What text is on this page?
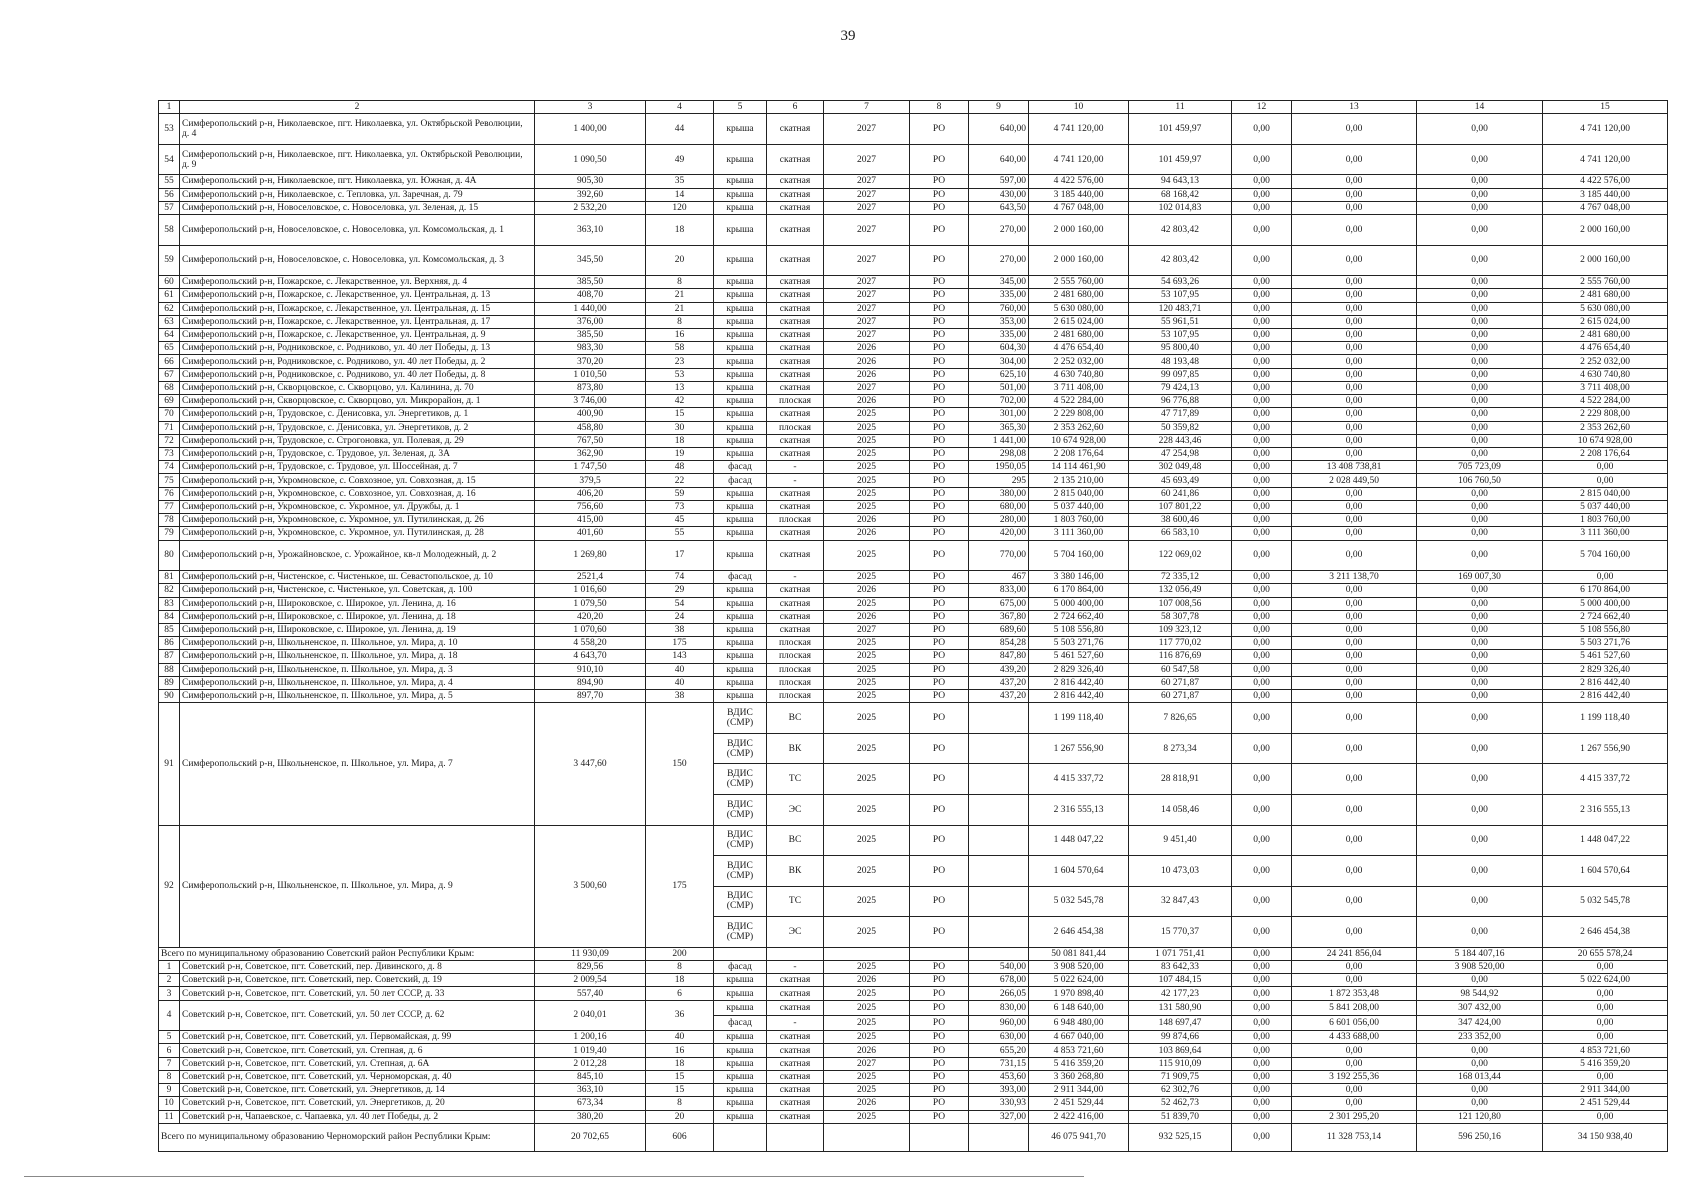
39
1	2	3	4	5	6	7	8	9	10	11	12	13	14	15
53	Симферопольский р-н, Николаевское, пгт. Николаевка, ул. Октябрьской Революции, д. 4	1 400,00	44	крыша	скатная	2027	РО	640,00	4 741 120,00	101 459,97	0,00	0,00	0,00	4 741 120,00
54	Симферопольский р-н, Николаевское, пгт. Николаевка, ул. Октябрьской Революции, д. 9	1 090,50	49	крыша	скатная	2027	РО	640,00	4 741 120,00	101 459,97	0,00	0,00	0,00	4 741 120,00
55	Симферопольский р-н, Николаевское, пгт. Николаевка, ул. Южная, д. 4А	905,30	35	крыша	скатная	2027	РО	597,00	4 422 576,00	94 643,13	0,00	0,00	0,00	4 422 576,00
56	Симферопольский р-н, Николаевское, с. Тепловка, ул. Заречная, д. 79	392,60	14	крыша	скатная	2027	РО	430,00	3 185 440,00	68 168,42	0,00	0,00	0,00	3 185 440,00
57	Симферопольский р-н, Новоселовское, с. Новоселовка, ул. Зеленая, д. 15	2 532,20	120	крыша	скатная	2027	РО	643,50	4 767 048,00	102 014,83	0,00	0,00	0,00	4 767 048,00
58	Симферопольский р-н, Новоселовское, с. Новоселовка, ул. Комсомольская, д. 1	363,10	18	крыша	скатная	2027	РО	270,00	2 000 160,00	42 803,42	0,00	0,00	0,00	2 000 160,00
59	Симферопольский р-н, Новоселовское, с. Новоселовка, ул. Комсомольская, д. 3	345,50	20	крыша	скатная	2027	РО	270,00	2 000 160,00	42 803,42	0,00	0,00	0,00	2 000 160,00
60	Симферопольский р-н, Пожарское, с. Лекарственное, ул. Верхняя, д. 4	385,50	8	крыша	скатная	2027	РО	345,00	2 555 760,00	54 693,26	0,00	0,00	0,00	2 555 760,00
61	Симферопольский р-н, Пожарское, с. Лекарственное, ул. Центральная, д. 13	408,70	21	крыша	скатная	2027	РО	335,00	2 481 680,00	53 107,95	0,00	0,00	0,00	2 481 680,00
62	Симферопольский р-н, Пожарское, с. Лекарственное, ул. Центральная, д. 15	1 440,00	21	крыша	скатная	2027	РО	760,00	5 630 080,00	120 483,71	0,00	0,00	0,00	5 630 080,00
63	Симферопольский р-н, Пожарское, с. Лекарственное, ул. Центральная, д. 17	376,00	8	крыша	скатная	2027	РО	353,00	2 615 024,00	55 961,51	0,00	0,00	0,00	2 615 024,00
64	Симферопольский р-н, Пожарское, с. Лекарственное, ул. Центральная, д. 9	385,50	16	крыша	скатная	2027	РО	335,00	2 481 680,00	53 107,95	0,00	0,00	0,00	2 481 680,00
65	Симферопольский р-н, Родниковское, с. Родниково, ул. 40 лет Победы, д. 13	983,30	58	крыша	скатная	2026	РО	604,30	4 476 654,40	95 800,40	0,00	0,00	0,00	4 476 654,40
66	Симферопольский р-н, Родниковское, с. Родниково, ул. 40 лет Победы, д. 2	370,20	23	крыша	скатная	2026	РО	304,00	2 252 032,00	48 193,48	0,00	0,00	0,00	2 252 032,00
67	Симферопольский р-н, Родниковское, с. Родниково, ул. 40 лет Победы, д. 8	1 010,50	53	крыша	скатная	2026	РО	625,10	4 630 740,80	99 097,85	0,00	0,00	0,00	4 630 740,80
68	Симферопольский р-н, Скворцовское, с. Скворцово, ул. Калинина, д. 70	873,80	13	крыша	скатная	2027	РО	501,00	3 711 408,00	79 424,13	0,00	0,00	0,00	3 711 408,00
69	Симферопольский р-н, Скворцовское, с. Скворцово, ул. Микрорайон, д. 1	3 746,00	42	крыша	плоская	2026	РО	702,00	4 522 284,00	96 776,88	0,00	0,00	0,00	4 522 284,00
70	Симферопольский р-н, Трудовское, с. Денисовка, ул. Энергетиков, д. 1	400,90	15	крыша	скатная	2025	РО	301,00	2 229 808,00	47 717,89	0,00	0,00	0,00	2 229 808,00
71	Симферопольский р-н, Трудовское, с. Денисовка, ул. Энергетиков, д. 2	458,80	30	крыша	плоская	2025	РО	365,30	2 353 262,60	50 359,82	0,00	0,00	0,00	2 353 262,60
72	Симферопольский р-н, Трудовское, с. Строгоновка, ул. Полевая, д. 29	767,50	18	крыша	скатная	2025	РО	1 441,00	10 674 928,00	228 443,46	0,00	0,00	0,00	10 674 928,00
73	Симферопольский р-н, Трудовское, с. Трудовое, ул. Зеленая, д. 3А	362,90	19	крыша	скатная	2025	РО	298,08	2 208 176,64	47 254,98	0,00	0,00	0,00	2 208 176,64
74	Симферопольский р-н, Трудовское, с. Трудовое, ул. Шоссейная, д. 7	1 747,50	48	фасад	-	2025	РО	1950,05	14 114 461,90	302 049,48	0,00	13 408 738,81	705 723,09	0,00
75	Симферопольский р-н, Укромновское, с. Совхозное, ул. Совхозная, д. 15	379,5	22	фасад	-	2025	РО	295	2 135 210,00	45 693,49	0,00	2 028 449,50	106 760,50	0,00
76	Симферопольский р-н, Укромновское, с. Совхозное, ул. Совхозная, д. 16	406,20	59	крыша	скатная	2025	РО	380,00	2 815 040,00	60 241,86	0,00	0,00	0,00	2 815 040,00
77	Симферопольский р-н, Укромновское, с. Укромное, ул. Дружбы, д. 1	756,60	73	крыша	скатная	2025	РО	680,00	5 037 440,00	107 801,22	0,00	0,00	0,00	5 037 440,00
78	Симферопольский р-н, Укромновское, с. Укромное, ул. Путилинская, д. 26	415,00	45	крыша	плоская	2026	РО	280,00	1 803 760,00	38 600,46	0,00	0,00	0,00	1 803 760,00
79	Симферопольский р-н, Укромновское, с. Укромное, ул. Путилинская, д. 28	401,60	55	крыша	скатная	2026	РО	420,00	3 111 360,00	66 583,10	0,00	0,00	0,00	3 111 360,00
80	Симферопольский р-н, Урожайновское, с. Урожайное, кв-л Молодежный, д. 2	1 269,80	17	крыша	скатная	2025	РО	770,00	5 704 160,00	122 069,02	0,00	0,00	0,00	5 704 160,00
81	Симферопольский р-н, Чистенское, с. Чистенькое, ш. Севастопольское, д. 10	2521,4	74	фасад	-	2025	РО	467	3 380 146,00	72 335,12	0,00	3 211 138,70	169 007,30	0,00
82	Симферопольский р-н, Чистенское, с. Чистенькое, ул. Советская, д. 100	1 016,60	29	крыша	скатная	2026	РО	833,00	6 170 864,00	132 056,49	0,00	0,00	0,00	6 170 864,00
83	Симферопольский р-н, Широковское, с. Широкое, ул. Ленина, д. 16	1 079,50	54	крыша	скатная	2025	РО	675,00	5 000 400,00	107 008,56	0,00	0,00	0,00	5 000 400,00
84	Симферопольский р-н, Широковское, с. Широкое, ул. Ленина, д. 18	420,20	24	крыша	скатная	2026	РО	367,80	2 724 662,40	58 307,78	0,00	0,00	0,00	2 724 662,40
85	Симферопольский р-н, Широковское, с. Широкое, ул. Ленина, д. 19	1 070,60	38	крыша	скатная	2027	РО	689,60	5 108 556,80	109 323,12	0,00	0,00	0,00	5 108 556,80
86	Симферопольский р-н, Школьненское, п. Школьное, ул. Мира, д. 10	4 558,20	175	крыша	плоская	2025	РО	854,28	5 503 271,76	117 770,02	0,00	0,00	0,00	5 503 271,76
87	Симферопольский р-н, Школьненское, п. Школьное, ул. Мира, д. 18	4 643,70	143	крыша	плоская	2025	РО	847,80	5 461 527,60	116 876,69	0,00	0,00	0,00	5 461 527,60
88	Симферопольский р-н, Школьненское, п. Школьное, ул. Мира, д. 3	910,10	40	крыша	плоская	2025	РО	439,20	2 829 326,40	60 547,58	0,00	0,00	0,00	2 829 326,40
89	Симферопольский р-н, Школьненское, п. Школьное, ул. Мира, д. 4	894,90	40	крыша	плоская	2025	РО	437,20	2 816 442,40	60 271,87	0,00	0,00	0,00	2 816 442,40
90	Симферопольский р-н, Школьненское, п. Школьное, ул. Мира, д. 5	897,70	38	крыша	плоская	2025	РО	437,20	2 816 442,40	60 271,87	0,00	0,00	0,00	2 816 442,40
91	Симферопольский р-н, Школьненское, п. Школьное, ул. Мира, д. 7	3 447,60	150	ВДИС (СМР)	ВС	2025	РО		1 199 118,40	7 826,65	0,00	0,00	0,00	1 199 118,40
				ВДИС (СМР)	ВК	2025	РО		1 267 556,90	8 273,34	0,00	0,00	0,00	1 267 556,90
				ВДИС (СМР)	ТС	2025	РО		4 415 337,72	28 818,91	0,00	0,00	0,00	4 415 337,72
				ВДИС (СМР)	ЭС	2025	РО		2 316 555,13	14 058,46	0,00	0,00	0,00	2 316 555,13
92	Симферопольский р-н, Школьненское, п. Школьное, ул. Мира, д. 9	3 500,60	175	ВДИС (СМР)	ВС	2025	РО		1 448 047,22	9 451,40	0,00	0,00	0,00	1 448 047,22
				ВДИС (СМР)	ВК	2025	РО		1 604 570,64	10 473,03	0,00	0,00	0,00	1 604 570,64
				ВДИС (СМР)	ТС	2025	РО		5 032 545,78	32 847,43	0,00	0,00	0,00	5 032 545,78
				ВДИС (СМР)	ЭС	2025	РО		2 646 454,38	15 770,37	0,00	0,00	0,00	2 646 454,38
Всего по муниципальному образованию Советский район Республики Крым:		11 930,09	200						50 081 841,44	1 071 751,41	0,00	24 241 856,04	5 184 407,16	20 655 578,24
1	Советский р-н, Советское, пгт. Советский, пер. Дивинского, д. 8	829,56	8	фасад	-	2025	РО	540,00	3 908 520,00	83 642,33	0,00	0,00	3 908 520,00	0,00
2	Советский р-н, Советское, пгт. Советский, пер. Советский, д. 19	2 009,54	18	крыша	скатная	2026	РО	678,00	5 022 624,00	107 484,15	0,00	0,00	0,00	5 022 624,00
3	Советский р-н, Советское, пгт. Советский, ул. 50 лет СССР, д. 33	557,40	6	крыша	скатная	2025	РО	266,05	1 970 898,40	42 177,23	0,00	1 872 353,48	98 544,92	0,00
4	Советский р-н, Советское, пгт. Советский, ул. 50 лет СССР, д. 62	2 040,01	36	крыша	скатная	2025	РО	830,00	6 148 640,00	131 580,90	0,00	5 841 208,00	307 432,00	0,00
				фасад	-	2025	РО	960,00	6 948 480,00	148 697,47	0,00	6 601 056,00	347 424,00	0,00
5	Советский р-н, Советское, пгт. Советский, ул. Первомайская, д. 99	1 200,16	40	крыша	скатная	2025	РО	630,00	4 667 040,00	99 874,66	0,00	4 433 688,00	233 352,00	0,00
6	Советский р-н, Советское, пгт. Советский, ул. Степная, д. 6	1 019,40	16	крыша	скатная	2026	РО	655,20	4 853 721,60	103 869,64	0,00	0,00	0,00	4 853 721,60
7	Советский р-н, Советское, пгт. Советский, ул. Степная, д. 6А	2 012,28	18	крыша	скатная	2027	РО	731,15	5 416 359,20	115 910,09	0,00	0,00	0,00	5 416 359,20
8	Советский р-н, Советское, пгт. Советский, ул. Черноморская, д. 40	845,10	15	крыша	скатная	2025	РО	453,60	3 360 268,80	71 909,75	0,00	3 192 255,36	168 013,44	0,00
9	Советский р-н, Советское, пгт. Советский, ул. Энергетиков, д. 14	363,10	15	крыша	скатная	2025	РО	393,00	2 911 344,00	62 302,76	0,00	0,00	0,00	2 911 344,00
10	Советский р-н, Советское, пгт. Советский, ул. Энергетиков, д. 20	673,34	8	крыша	скатная	2026	РО	330,93	2 451 529,44	52 462,73	0,00	0,00	0,00	2 451 529,44
11	Советский р-н, Чапаевское, с. Чапаевка, ул. 40 лет Победы, д. 2	380,20	20	крыша	скатная	2025	РО	327,00	2 422 416,00	51 839,70	0,00	2 301 295,20	121 120,80	0,00
Всего по муниципальному образованию Черноморский район Республики Крым:		20 702,65	606						46 075 941,70	932 525,15	0,00	11 328 753,14	596 250,16	34 150 938,40
